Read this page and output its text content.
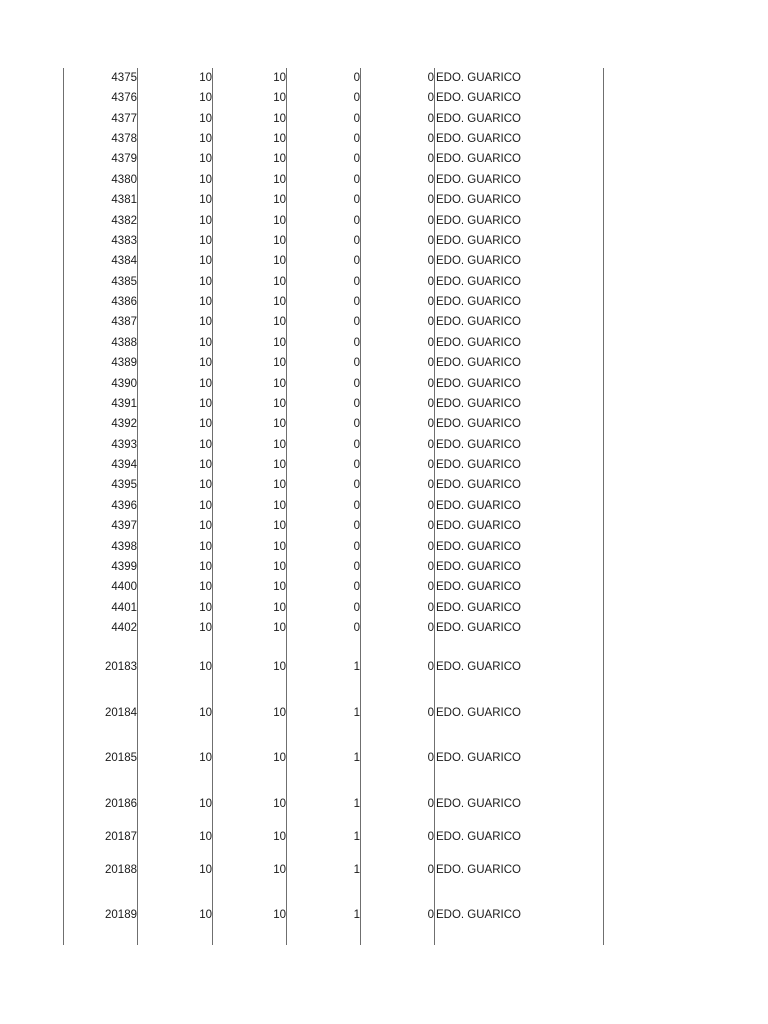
4375	10	10	0	0 EDO. GUARICO
4376	10	10	0	0 EDO. GUARICO
4377	10	10	0	0 EDO. GUARICO
4378	10	10	0	0 EDO. GUARICO
4379	10	10	0	0 EDO. GUARICO
4380	10	10	0	0 EDO. GUARICO
4381	10	10	0	0 EDO. GUARICO
4382	10	10	0	0 EDO. GUARICO
4383	10	10	0	0 EDO. GUARICO
4384	10	10	0	0 EDO. GUARICO
4385	10	10	0	0 EDO. GUARICO
4386	10	10	0	0 EDO. GUARICO
4387	10	10	0	0 EDO. GUARICO
4388	10	10	0	0 EDO. GUARICO
4389	10	10	0	0 EDO. GUARICO
4390	10	10	0	0 EDO. GUARICO
4391	10	10	0	0 EDO. GUARICO
4392	10	10	0	0 EDO. GUARICO
4393	10	10	0	0 EDO. GUARICO
4394	10	10	0	0 EDO. GUARICO
4395	10	10	0	0 EDO. GUARICO
4396	10	10	0	0 EDO. GUARICO
4397	10	10	0	0 EDO. GUARICO
4398	10	10	0	0 EDO. GUARICO
4399	10	10	0	0 EDO. GUARICO
4400	10	10	0	0 EDO. GUARICO
4401	10	10	0	0 EDO. GUARICO
4402	10	10	0	0 EDO. GUARICO
20183	10	10	1	0 EDO. GUARICO
20184	10	10	1	0 EDO. GUARICO
20185	10	10	1	0 EDO. GUARICO
20186	10	10	1	0 EDO. GUARICO
20187	10	10	1	0 EDO. GUARICO
20188	10	10	1	0 EDO. GUARICO
20189	10	10	1	0 EDO. GUARICO
